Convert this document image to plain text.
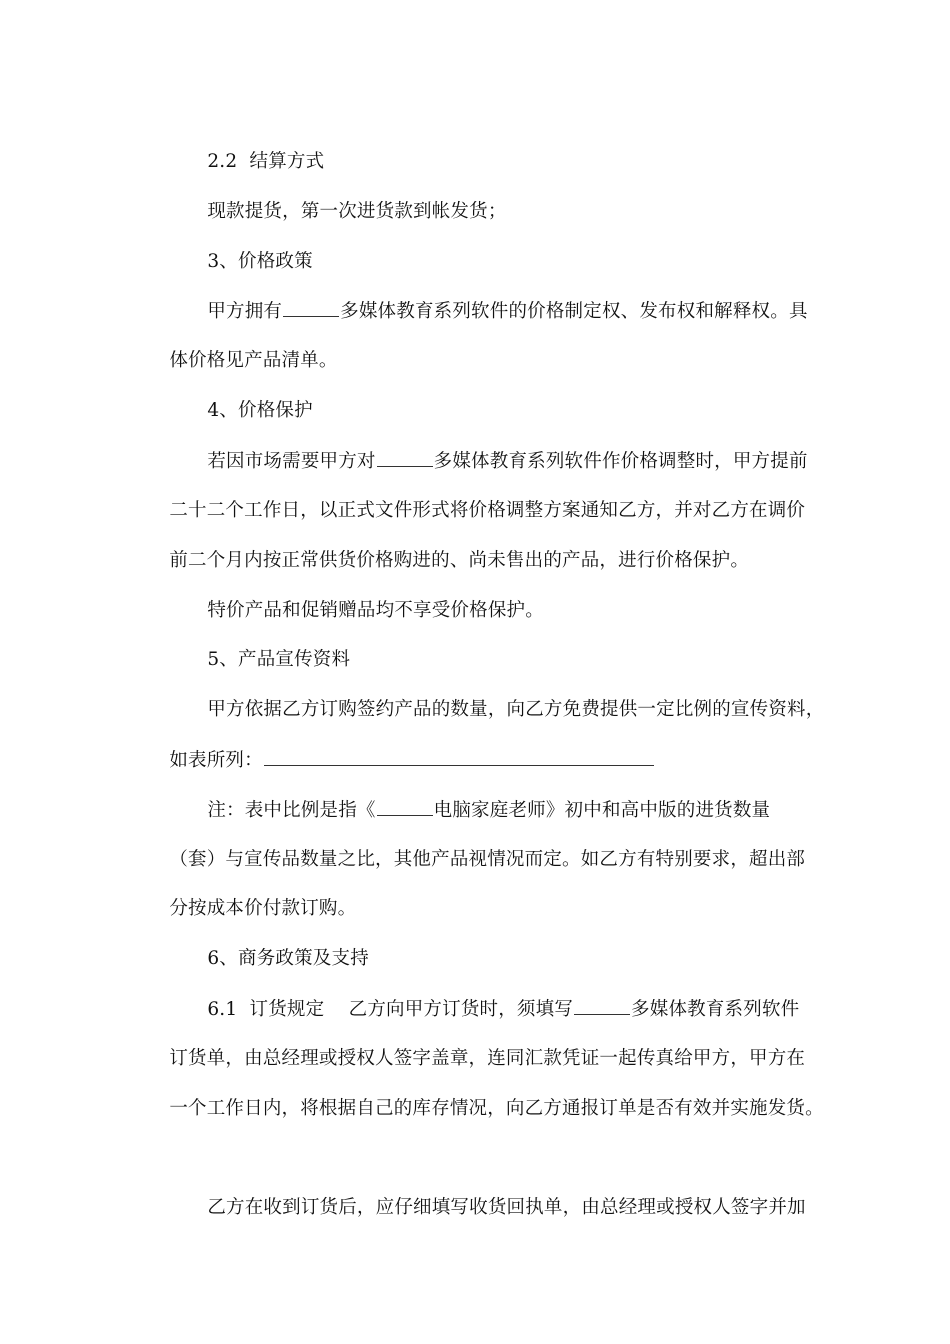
2.2  结算方式

现款提货，第一次进货款到帐发货；

3、价格政策

甲方拥有	多媒体教育系列软件的价格制定权、发布权和解释权。具

体价格见产品清单。

4、价格保护

若因市场需要甲方对	多媒体教育系列软件作价格调整时，甲方提前

二十二个工作日，以正式文件形式将价格调整方案通知乙方，并对乙方在调价

前二个月内按正常供货价格购进的、尚未售出的产品，进行价格保护。

特价产品和促销赠品均不享受价格保护。

5、产品宣传资料

甲方依据乙方订购签约产品的数量，向乙方免费提供一定比例的宣传资料，

如表所列：

注：表中比例是指《	电脑家庭老师》初中和高中版的进货数量

（套）与宣传品数量之比，其他产品视情况而定。如乙方有特别要求，超出部

分按成本价付款订购。

6、商务政策及支持

6.1  订货规定    乙方向甲方订货时，须填写	多媒体教育系列软件

订货单，由总经理或授权人签字盖章，连同汇款凭证一起传真给甲方，甲方在

一个工作日内，将根据自己的库存情况，向乙方通报订单是否有效并实施发货。

乙方在收到订货后，应仔细填写收货回执单，由总经理或授权人签字并加
